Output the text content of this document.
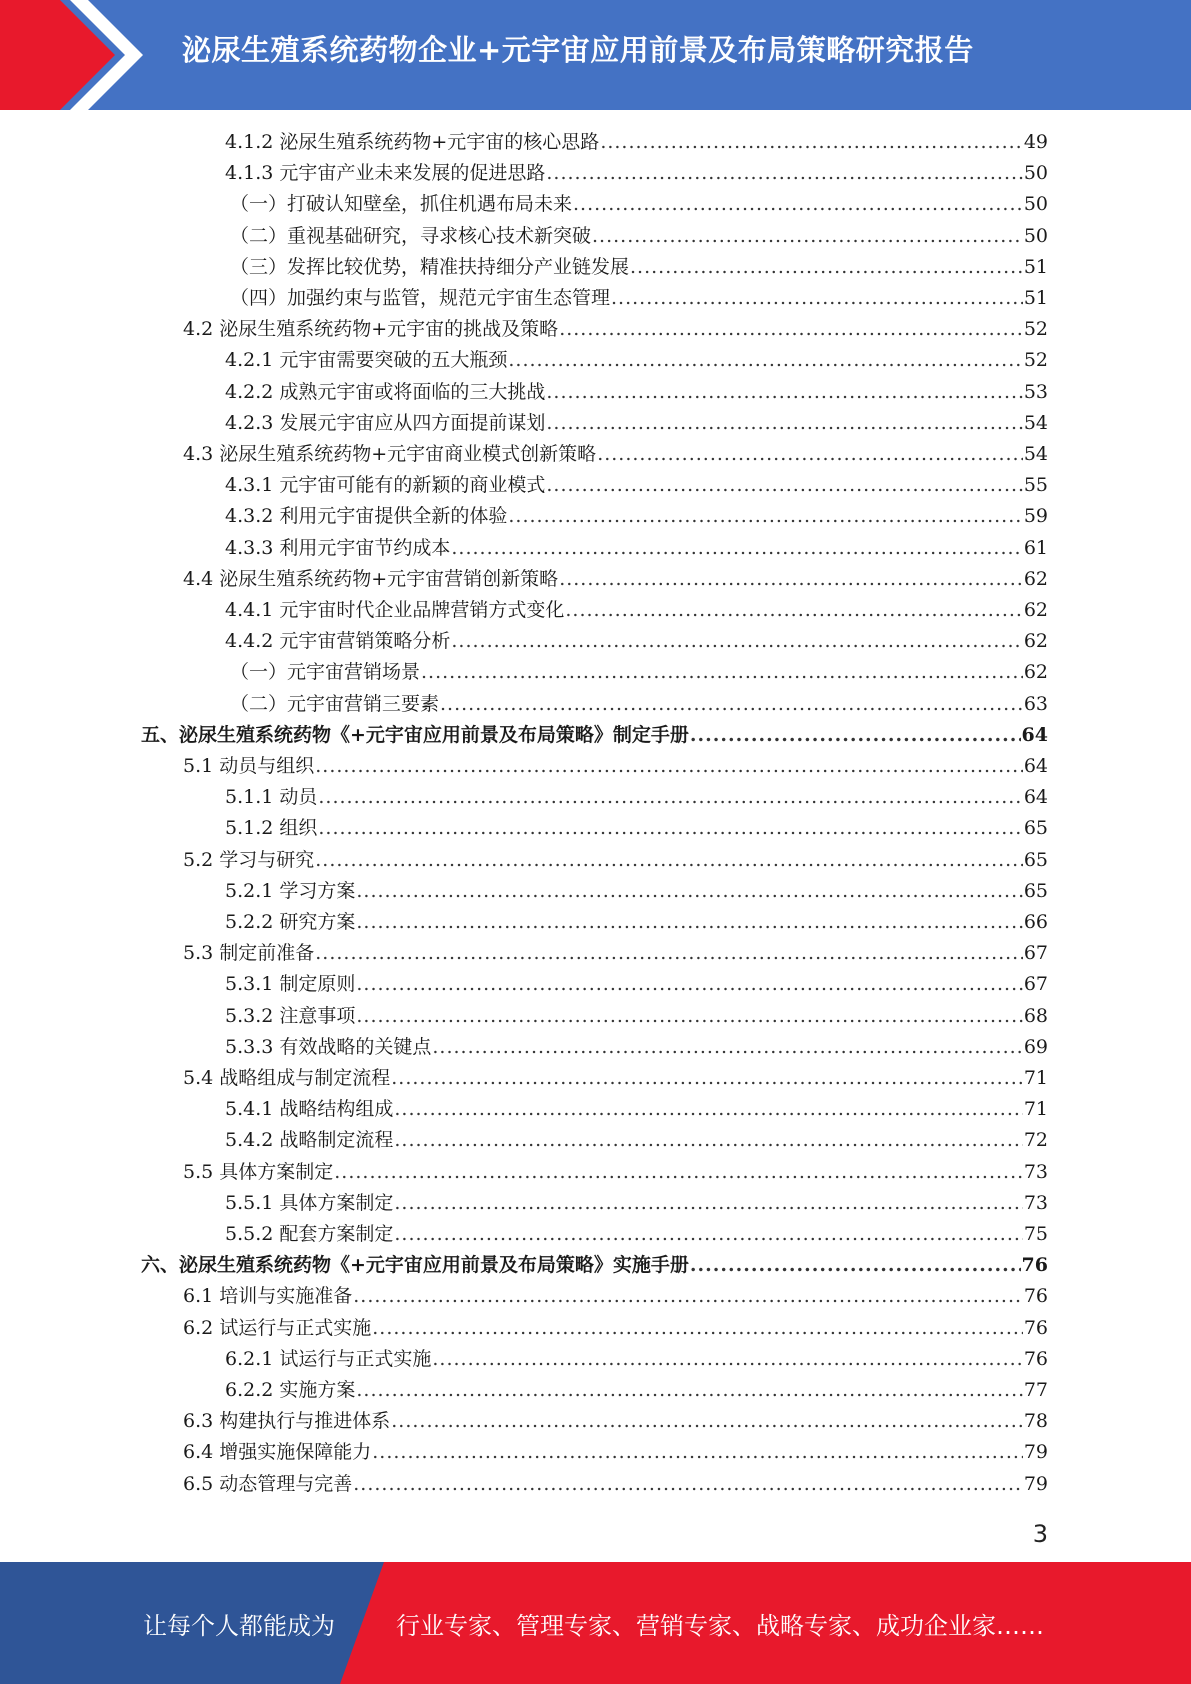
泌尿生殖系统药物企业+元宇宙应用前景及布局策略研究报告
4.1.2 泌尿生殖系统药物+元宇宙的核心思路 .....	49
4.1.3 元宇宙产业未来发展的促进思路 .....	50
（一）打破认知壁垒，抓住机遇布局未来 .....	50
（二）重视基础研究，寻求核心技术新突破 .....	50
（三）发挥比较优势，精准扶持细分产业链发展 .....	51
（四）加强约束与监管，规范元宇宙生态管理 .....	51
4.2 泌尿生殖系统药物+元宇宙的挑战及策略 .....	52
4.2.1 元宇宙需要突破的五大瓶颈 .....	52
4.2.2 成熟元宇宙或将面临的三大挑战 .....	53
4.2.3 发展元宇宙应从四方面提前谋划 .....	54
4.3 泌尿生殖系统药物+元宇宙商业模式创新策略 .....	54
4.3.1 元宇宙可能有的新颖的商业模式 .....	55
4.3.2 利用元宇宙提供全新的体验 .....	59
4.3.3 利用元宇宙节约成本 .....	61
4.4 泌尿生殖系统药物+元宇宙营销创新策略 .....	62
4.4.1 元宇宙时代企业品牌营销方式变化 .....	62
4.4.2 元宇宙营销策略分析 .....	62
（一）元宇宙营销场景 .....	62
（二）元宇宙营销三要素 .....	63
五、泌尿生殖系统药物《+元宇宙应用前景及布局策略》制定手册 .....	64
5.1 动员与组织 .....	64
5.1.1 动员 .....	64
5.1.2 组织 .....	65
5.2 学习与研究 .....	65
5.2.1 学习方案 .....	65
5.2.2 研究方案 .....	66
5.3 制定前准备 .....	67
5.3.1 制定原则 .....	67
5.3.2 注意事项 .....	68
5.3.3 有效战略的关键点 .....	69
5.4 战略组成与制定流程 .....	71
5.4.1 战略结构组成 .....	71
5.4.2 战略制定流程 .....	72
5.5 具体方案制定 .....	73
5.5.1 具体方案制定 .....	73
5.5.2 配套方案制定 .....	75
六、泌尿生殖系统药物《+元宇宙应用前景及布局策略》实施手册 .....	76
6.1 培训与实施准备 .....	76
6.2 试运行与正式实施 .....	76
6.2.1 试运行与正式实施 .....	76
6.2.2 实施方案 .....	77
6.3 构建执行与推进体系 .....	78
6.4 增强实施保障能力 .....	79
6.5 动态管理与完善 .....	79
3
让每个人都能成为	行业专家、管理专家、营销专家、战略专家、成功企业家……
